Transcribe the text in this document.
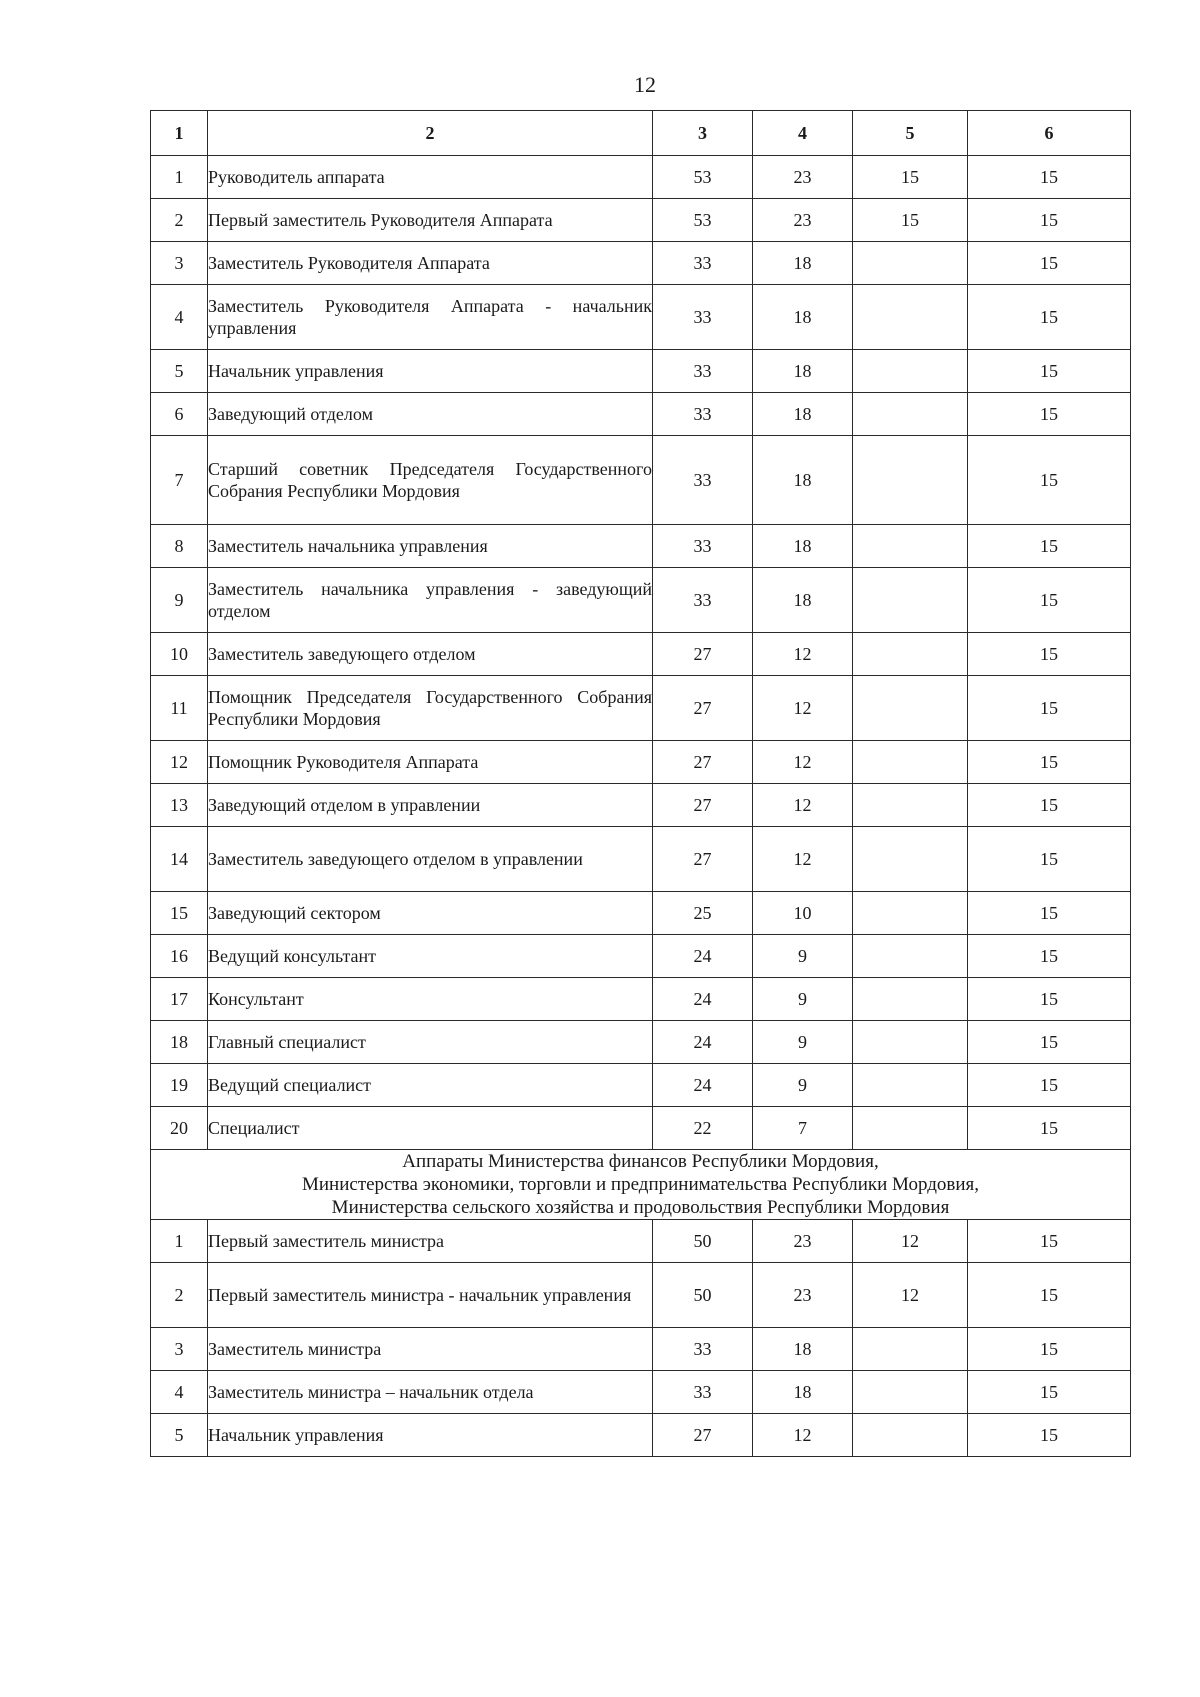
12
1	2	3	4	5	6
1	Руководитель аппарата	53	23	15	15
2	Первый заместитель Руководителя Аппарата	53	23	15	15
3	Заместитель Руководителя Аппарата	33	18		15
4	Заместитель Руководителя Аппарата - начальник управления	33	18		15
5	Начальник управления	33	18		15
6	Заведующий отделом	33	18		15
7	Старший советник Председателя Государственного Собрания Республики Мордовия	33	18		15
8	Заместитель начальника управления	33	18		15
9	Заместитель начальника управления - заведующий отделом	33	18		15
10	Заместитель заведующего отделом	27	12		15
11	Помощник Председателя Государственного Собрания Республики Мордовия	27	12		15
12	Помощник Руководителя Аппарата	27	12		15
13	Заведующий отделом в управлении	27	12		15
14	Заместитель заведующего отделом в управлении	27	12		15
15	Заведующий сектором	25	10		15
16	Ведущий консультант	24	9		15
17	Консультант	24	9		15
18	Главный специалист	24	9		15
19	Ведущий специалист	24	9		15
20	Специалист	22	7		15

Аппараты Министерства финансов Республики Мордовия,
Министерства экономики, торговли и предпринимательства Республики Мордовия,
Министерства сельского хозяйства и продовольствия Республики Мордовия					

1	Первый заместитель министра	50	23	12	15
2	Первый заместитель министра - начальник управления	50	23	12	15
3	Заместитель министра	33	18		15
4	Заместитель министра – начальник отдела	33	18		15
5	Начальник управления	27	12		15
